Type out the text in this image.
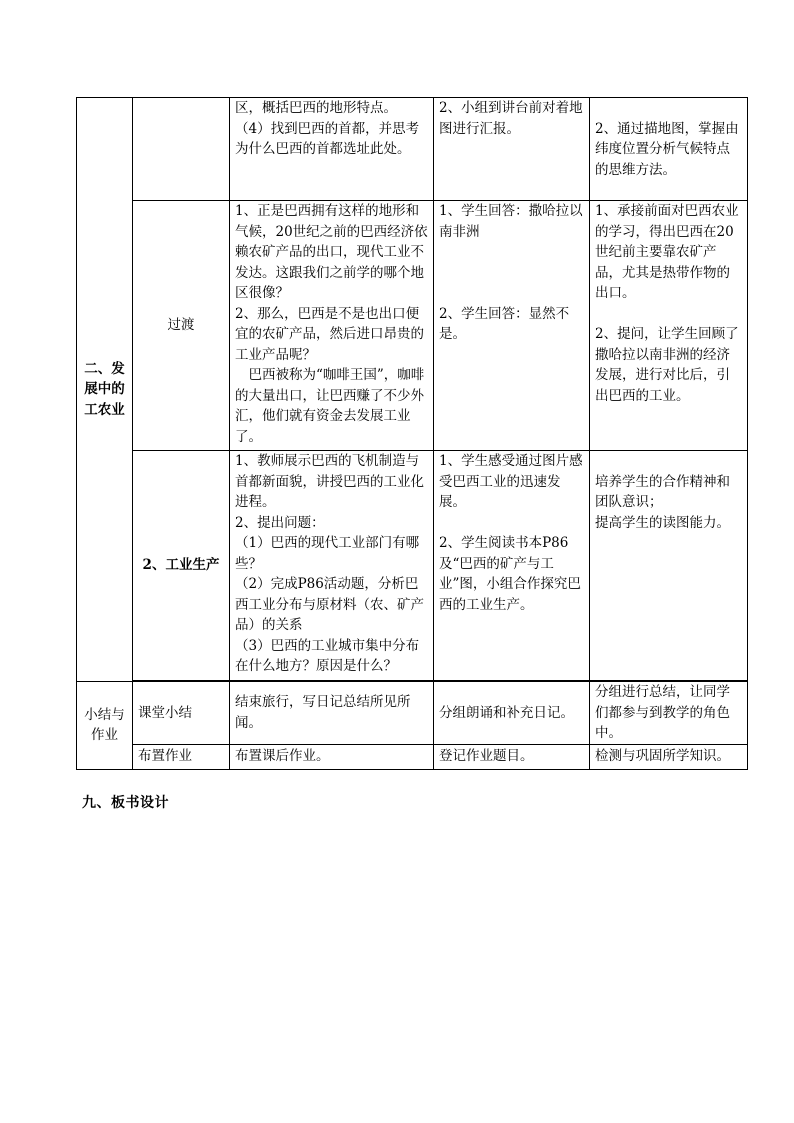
二、发展中的工农业		区，概括巴西的地形特点。
（4）找到巴西的首都，并思考为什么巴西的首都选址此处。	2、小组到讲台前对着地图进行汇报。	2、通过描地图，掌握由纬度位置分析气候特点的思维方法。

	过渡	1、正是巴西拥有这样的地形和气候，20世纪之前的巴西经济依赖农矿产品的出口，现代工业不发达。这跟我们之前学的哪个地区很像？
2、那么，巴西是不是也出口便宜的农矿产品，然后进口昂贵的工业产品呢？
巴西被称为“咖啡王国”，咖啡的大量出口，让巴西赚了不少外汇，他们就有资金去发展工业了。	1、学生回答：撒哈拉以南非洲
2、学生回答：显然不是。	1、承接前面对巴西农业的学习，得出巴西在20世纪前主要靠农矿产品，尤其是热带作物的出口。
2、提问，让学生回顾了撒哈拉以南非洲的经济发展，进行对比后，引出巴西的工业。

	2、工业生产	1、教师展示巴西的飞机制造与首都新面貌，讲授巴西的工业化进程。
2、提出问题：
（1）巴西的现代工业部门有哪些？
（2）完成P86活动题，分析巴西工业分布与原材料（农、矿产品）的关系
（3）巴西的工业城市集中分布在什么地方？原因是什么？	1、学生感受通过图片感受巴西工业的迅速发展。
2、学生阅读书本P86及“巴西的矿产与工业”图，小组合作探究巴西的工业生产。	培养学生的合作精神和团队意识；
提高学生的读图能力。

小结与作业	课堂小结	结束旅行，写日记总结所见所闻。	分组朗诵和补充日记。	分组进行总结，让同学们都参与到教学的角色中。
	布置作业	布置课后作业。	登记作业题目。	检测与巩固所学知识。
九、板书设计
